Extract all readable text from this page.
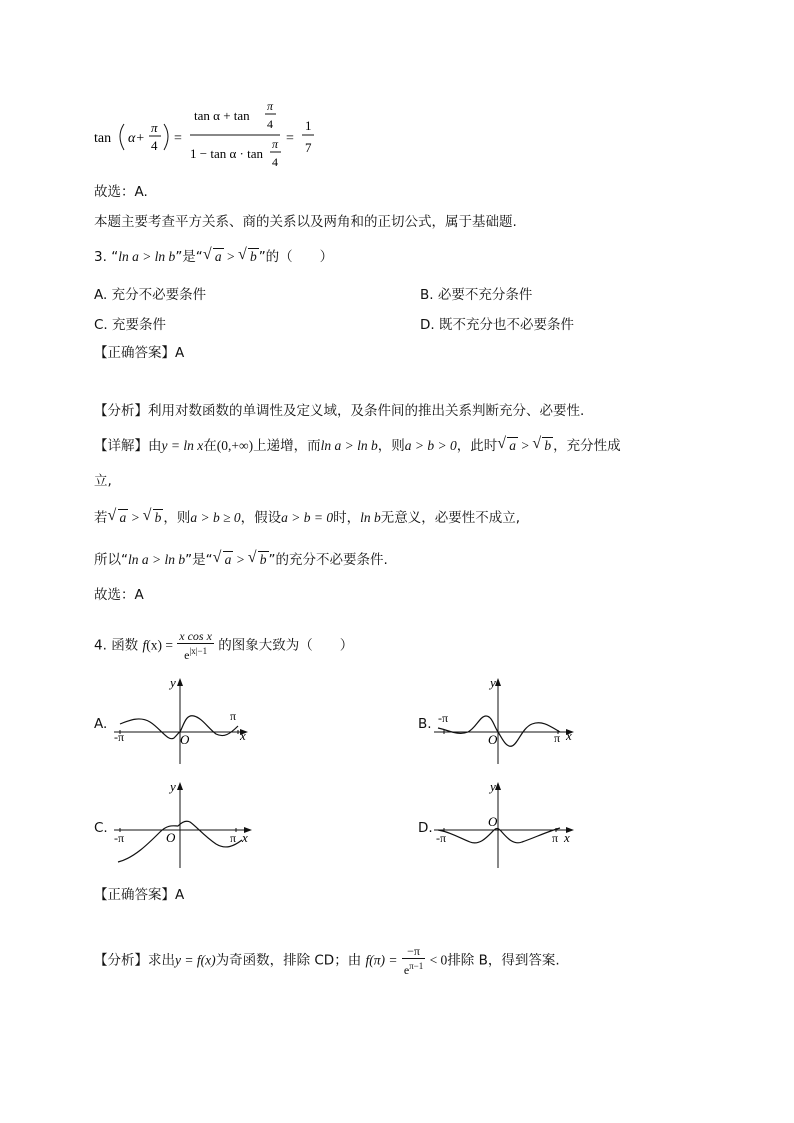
tan α+
π
4 =
tan α + tan
π
4
1 − tan α · tan
π
4
=
1
7
故选：A.
本题主要考查平方关系、商的关系以及两角和的正切公式，属于基础题.
3. “ln a > ln b”是“ √ a > √ b ”的（　　）
A. 充分不必要条件	B. 必要不充分条件
C. 充要条件	D. 既不充分也不必要条件
【正确答案】A
【分析】利用对数函数的单调性及定义域，及条件间的推出关系判断充分、必要性.
【详解】由y = ln x在(0,+∞)上递增，而ln a > ln b，则a > b > 0，此时 √ a > √ b ，充分性成
立,
若 √ a > √ b ，则a > b ≥ 0，假设a > b = 0时，ln b无意义，必要性不成立,
所以“ln a > ln b”是“ √ a > √ b ”的充分不必要条件.
故选：A
4. 函数 $f(x) = \frac{\text{x cos x}}{e^{|x|-1}}$ 的图象大致为（　　）
A.	B.
C.	D.
y
x
O
π
-π
y
x
O	π
-π
y
x
O	π
-π
y
x
O
π
-π
【正确答案】A
【分析】求出y = f(x)为奇函数，排除 CD；由 $f(\pi) = \frac{-\pi}{e^{\pi-1}} < 0$排除 B，得到答案.
